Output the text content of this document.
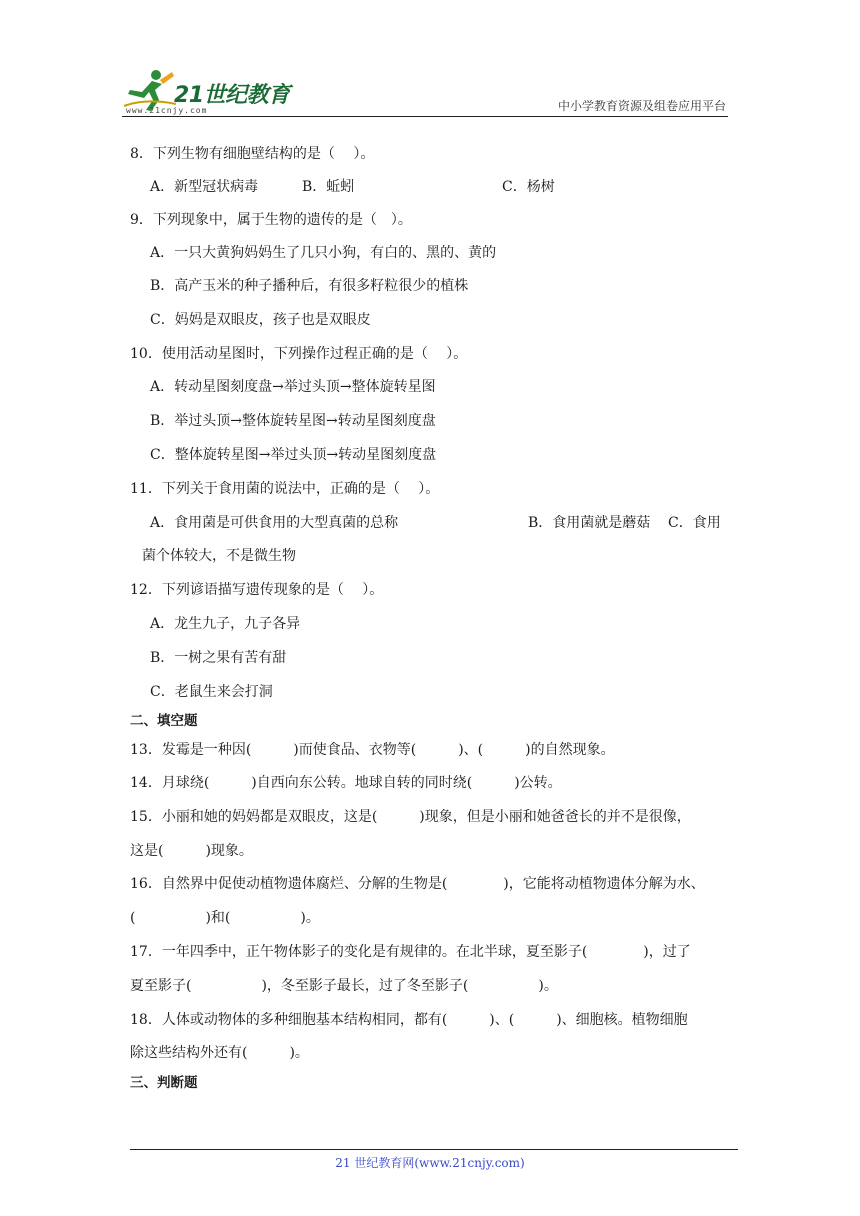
21世纪教育
www.21cnjy.com	中小学教育资源及组卷应用平台
8．下列生物有细胞壁结构的是（　 ）。
A．新型冠状病毒	B．蚯蚓	C．杨树
9．下列现象中，属于生物的遗传的是（　）。
A．一只大黄狗妈妈生了几只小狗，有白的、黑的、黄的
B．高产玉米的种子播种后，有很多籽粒很少的植株
C．妈妈是双眼皮，孩子也是双眼皮
10．使用活动星图时，下列操作过程正确的是（　 ）。
A．转动星图刻度盘→举过头顶→整体旋转星图
B．举过头顶→整体旋转星图→转动星图刻度盘
C．整体旋转星图→举过头顶→转动星图刻度盘
11．下列关于食用菌的说法中，正确的是（　 ）。
A．食用菌是可供食用的大型真菌的总称	B．食用菌就是蘑菇 C．食用
菌个体较大，不是微生物
12．下列谚语描写遗传现象的是（　 ）。
A．龙生九子，九子各异
B．一树之果有苦有甜
C．老鼠生来会打洞
二、填空题
13．发霉是一种因(　　　)而使食品、衣物等(　　　)、(　　　)的自然现象。
14．月球绕(　　　)自西向东公转。地球自转的同时绕(　　　)公转。
15．小丽和她的妈妈都是双眼皮，这是(　　　)现象，但是小丽和她爸爸长的并不是很像，
这是(　　　)现象。
16．自然界中促使动植物遗体腐烂、分解的生物是(　　　　)，它能将动植物遗体分解为水、
(　　　　　)和(　　　　　)。
17．一年四季中，正午物体影子的变化是有规律的。在北半球，夏至影子(　　　　)，过了
夏至影子(　　　　　)，冬至影子最长，过了冬至影子(　　　　　)。
18．人体或动物体的多种细胞基本结构相同，都有(　　　)、(　　　)、细胞核。植物细胞
除这些结构外还有(　　　)。
三、判断题
21 世纪教育网(www.21cnjy.com)
